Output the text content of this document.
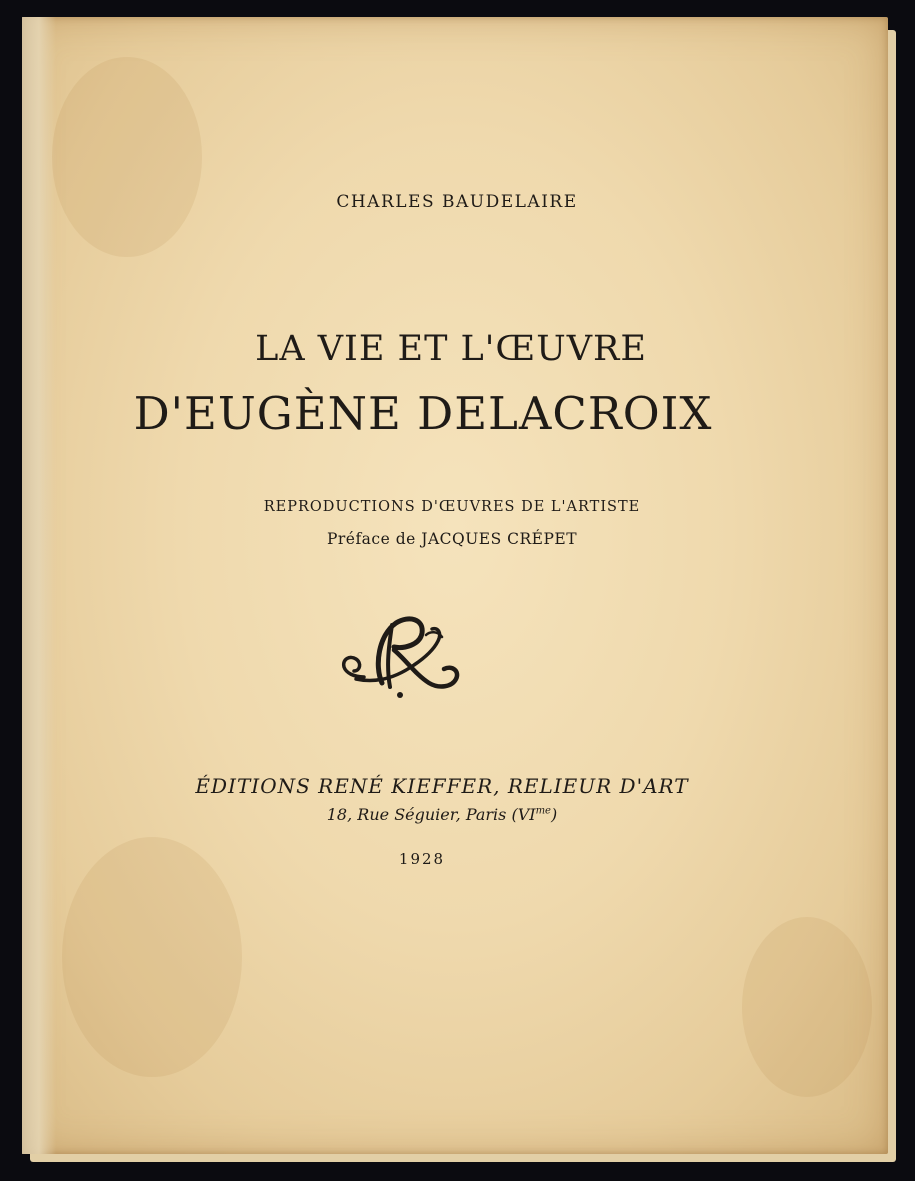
CHARLES BAUDELAIRE
LA VIE ET L'ŒUVRE
D'EUGÈNE DELACROIX
REPRODUCTIONS D'ŒUVRES DE L'ARTISTE
Préface de JACQUES CRÉPET
ÉDITIONS RENÉ KIEFFER, RELIEUR D'ART
18, Rue Séguier, Paris $(VI^{me})$
1928
